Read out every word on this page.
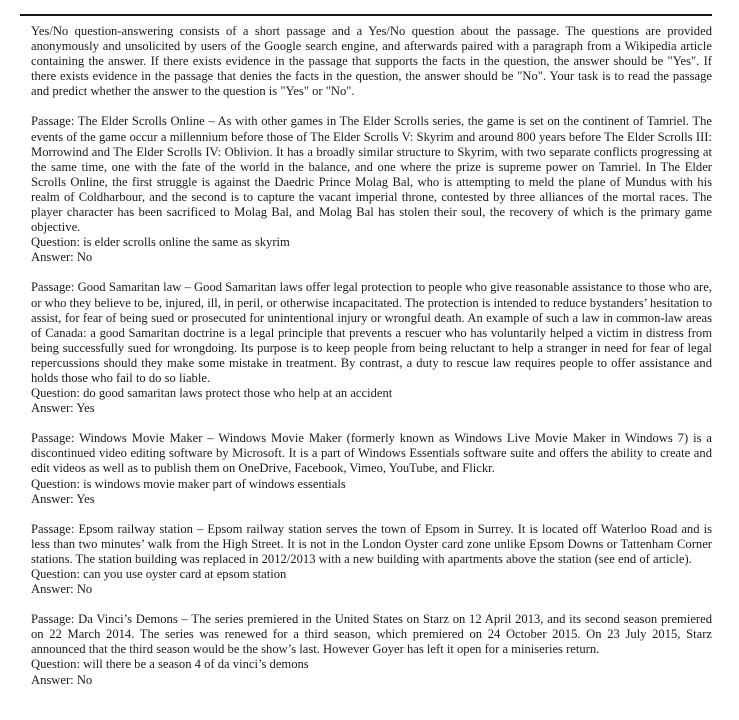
Yes/No question-answering consists of a short passage and a Yes/No question about the passage. The questions are provided anonymously and unsolicited by users of the Google search engine, and afterwards paired with a paragraph from a Wikipedia article containing the answer. If there exists evidence in the passage that supports the facts in the question, the answer should be "Yes". If there exists evidence in the passage that denies the facts in the question, the answer should be "No". Your task is to read the passage and predict whether the answer to the question is "Yes" or "No".

Passage: The Elder Scrolls Online – As with other games in The Elder Scrolls series, the game is set on the continent of Tamriel. The events of the game occur a millennium before those of The Elder Scrolls V: Skyrim and around 800 years before The Elder Scrolls III: Morrowind and The Elder Scrolls IV: Oblivion. It has a broadly similar structure to Skyrim, with two separate conflicts progressing at the same time, one with the fate of the world in the balance, and one where the prize is supreme power on Tamriel. In The Elder Scrolls Online, the first struggle is against the Daedric Prince Molag Bal, who is attempting to meld the plane of Mundus with his realm of Coldharbour, and the second is to capture the vacant imperial throne, contested by three alliances of the mortal races. The player character has been sacrificed to Molag Bal, and Molag Bal has stolen their soul, the recovery of which is the primary game objective.

Question: is elder scrolls online the same as skyrim

Answer: No

Passage: Good Samaritan law – Good Samaritan laws offer legal protection to people who give reasonable assistance to those who are, or who they believe to be, injured, ill, in peril, or otherwise incapacitated. The protection is intended to reduce bystanders’ hesitation to assist, for fear of being sued or prosecuted for unintentional injury or wrongful death. An example of such a law in common-law areas of Canada: a good Samaritan doctrine is a legal principle that prevents a rescuer who has voluntarily helped a victim in distress from being successfully sued for wrongdoing. Its purpose is to keep people from being reluctant to help a stranger in need for fear of legal repercussions should they make some mistake in treatment. By contrast, a duty to rescue law requires people to offer assistance and holds those who fail to do so liable.

Question: do good samaritan laws protect those who help at an accident

Answer: Yes

Passage: Windows Movie Maker – Windows Movie Maker (formerly known as Windows Live Movie Maker in Windows 7) is a discontinued video editing software by Microsoft. It is a part of Windows Essentials software suite and offers the ability to create and edit videos as well as to publish them on OneDrive, Facebook, Vimeo, YouTube, and Flickr.

Question: is windows movie maker part of windows essentials

Answer: Yes

Passage: Epsom railway station – Epsom railway station serves the town of Epsom in Surrey. It is located off Waterloo Road and is less than two minutes’ walk from the High Street. It is not in the London Oyster card zone unlike Epsom Downs or Tattenham Corner stations. The station building was replaced in 2012/2013 with a new building with apartments above the station (see end of article).

Question: can you use oyster card at epsom station

Answer: No

Passage: Da Vinci’s Demons – The series premiered in the United States on Starz on 12 April 2013, and its second season premiered on 22 March 2014. The series was renewed for a third season, which premiered on 24 October 2015. On 23 July 2015, Starz announced that the third season would be the show’s last. However Goyer has left it open for a miniseries return.

Question: will there be a season 4 of da vinci’s demons

Answer: No
